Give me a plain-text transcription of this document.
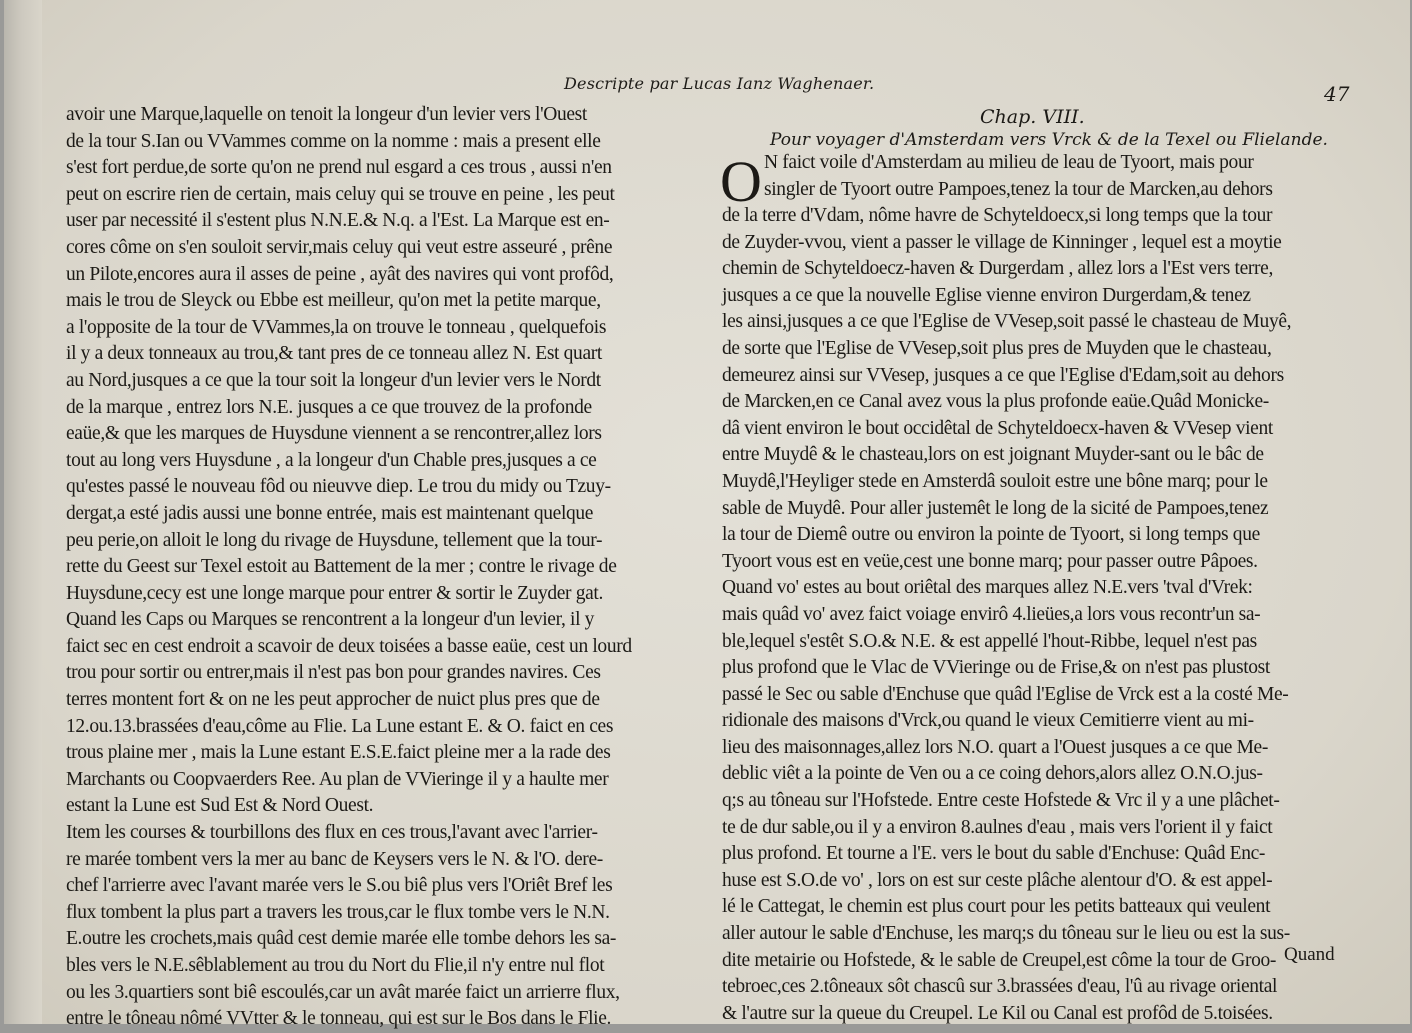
Descripte par Lucas Ianz Waghenaer.	47
avoir une Marque,laquelle on tenoit la longeur d'un levier vers l'Ouest
de la tour S.Ian ou VVammes comme on la nomme : mais a present elle
s'est fort perdue,de sorte qu'on ne prend nul esgard a ces trous , aussi n'en
peut on escrire rien de certain, mais celuy qui se trouve en peine , les peut
user par necessité il s'estent plus N.N.E.& N.q. a l'Est. La Marque est en-
cores côme on s'en souloit servir,mais celuy qui veut estre asseuré , prêne
un Pilote,encores aura il asses de peine , ayât des navires qui vont profôd,
mais le trou de Sleyck ou Ebbe est meilleur, qu'on met la petite marque,
a l'opposite de la tour de VVammes,la on trouve le tonneau , quelquefois
il y a deux tonneaux au trou,& tant pres de ce tonneau allez N. Est quart
au Nord,jusques a ce que la tour soit la longeur d'un levier vers le Nordt
de la marque , entrez lors N.E. jusques a ce que trouvez de la profonde
eaüe,& que les marques de Huysdune viennent a se rencontrer,allez lors
tout au long vers Huysdune , a la longeur d'un Chable pres,jusques a ce
qu'estes passé le nouveau fôd ou nieuvve diep. Le trou du midy ou Tzuy-
dergat,a esté jadis aussi une bonne entrée, mais est maintenant quelque
peu perie,on alloit le long du rivage de Huysdune, tellement que la tour-
rette du Geest sur Texel estoit au Battement de la mer ; contre le rivage de
Huysdune,cecy est une longe marque pour entrer & sortir le Zuyder gat.
Quand les Caps ou Marques se rencontrent a la longeur d'un levier, il y
faict sec en cest endroit a scavoir de deux toisées a basse eaüe, cest un lourd
trou pour sortir ou entrer,mais il n'est pas bon pour grandes navires. Ces
terres montent fort & on ne les peut approcher de nuict plus pres que de
12.ou.13.brassées d'eau,côme au Flie. La Lune estant E. & O. faict en ces
trous plaine mer , mais la Lune estant E.S.E.faict pleine mer a la rade des
Marchants ou Coopvaerders Ree. Au plan de VVieringe il y a haulte mer
estant la Lune est Sud Est & Nord Ouest.
Item les courses & tourbillons des flux en ces trous,l'avant avec l'arrier-
re marée tombent vers la mer au banc de Keysers vers le N. & l'O. dere-
chef l'arrierre avec l'avant marée vers le S.ou biê plus vers l'Oriêt Bref les
flux tombent la plus part a travers les trous,car le flux tombe vers le N.N.
E.outre les crochets,mais quâd cest demie marée elle tombe dehors les sa-
bles vers le N.E.sêblablement au trou du Nort du Flie,il n'y entre nul flot
ou les 3.quartiers sont biê escoulés,car un avât marée faict un arrierre flux,
entre le tôneau nômé VVtter & le tonneau, qui est sur le Bos dans le Flie.
Chap. VIII.
Pour voyager d'Amsterdam vers Vrck & de la Texel ou Flielande.
O N faict voile d'Amsterdam au milieu de leau de Tyoort, mais pour
singler de Tyoort outre Pampoes,tenez la tour de Marcken,au dehors
de la terre d'Vdam, nôme havre de Schyteldoecx,si long temps que la tour
de Zuyder-vvou, vient a passer le village de Kinninger , lequel est a moytie
chemin de Schyteldoecz-haven & Durgerdam , allez lors a l'Est vers terre,
jusques a ce que la nouvelle Eglise vienne environ Durgerdam,& tenez
les ainsi,jusques a ce que l'Eglise de VVesep,soit passé le chasteau de Muyê,
de sorte que l'Eglise de VVesep,soit plus pres de Muyden que le chasteau,
demeurez ainsi sur VVesep, jusques a ce que l'Eglise d'Edam,soit au dehors
de Marcken,en ce Canal avez vous la plus profonde eaüe.Quâd Monicke-
dâ vient environ le bout occidêtal de Schyteldoecx-haven & VVesep vient
entre Muydê & le chasteau,lors on est joignant Muyder-sant ou le bâc de
Muydê,l'Heyliger stede en Amsterdâ souloit estre une bône marq; pour le
sable de Muydê. Pour aller justemêt le long de la sicité de Pampoes,tenez
la tour de Diemê outre ou environ la pointe de Tyoort, si long temps que
Tyoort vous est en veüe,cest une bonne marq; pour passer outre Pâpoes.
Quand vo' estes au bout oriêtal des marques allez N.E.vers 'tval d'Vrek:
mais quâd vo' avez faict voiage envirô 4.lieües,a lors vous recontr'un sa-
ble,lequel s'estêt S.O.& N.E. & est appellé l'hout-Ribbe, lequel n'est pas
plus profond que le Vlac de VVieringe ou de Frise,& on n'est pas plustost
passé le Sec ou sable d'Enchuse que quâd l'Eglise de Vrck est a la costé Me-
ridionale des maisons d'Vrck,ou quand le vieux Cemitierre vient au mi-
lieu des maisonnages,allez lors N.O. quart a l'Ouest jusques a ce que Me-
deblic viêt a la pointe de Ven ou a ce coing dehors,alors allez O.N.O.jus-
q;s au tôneau sur l'Hofstede. Entre ceste Hofstede & Vrc il y a une plâchet-
te de dur sable,ou il y a environ 8.aulnes d'eau , mais vers l'orient il y faict
plus profond. Et tourne a l'E. vers le bout du sable d'Enchuse: Quâd Enc-
huse est S.O.de vo' , lors on est sur ceste plâche alentour d'O. & est appel-
lé le Cattegat, le chemin est plus court pour les petits batteaux qui veulent
aller autour le sable d'Enchuse, les marq;s du tôneau sur le lieu ou est la sus-
dite metairie ou Hofstede, & le sable de Creupel,est côme la tour de Groo-
tebroec,ces 2.tôneaux sôt chascû sur 3.brassées d'eau, l'û au rivage oriental
& l'autre sur la queue du Creupel. Le Kil ou Canal est profôd de 5.toisées.
Quand
